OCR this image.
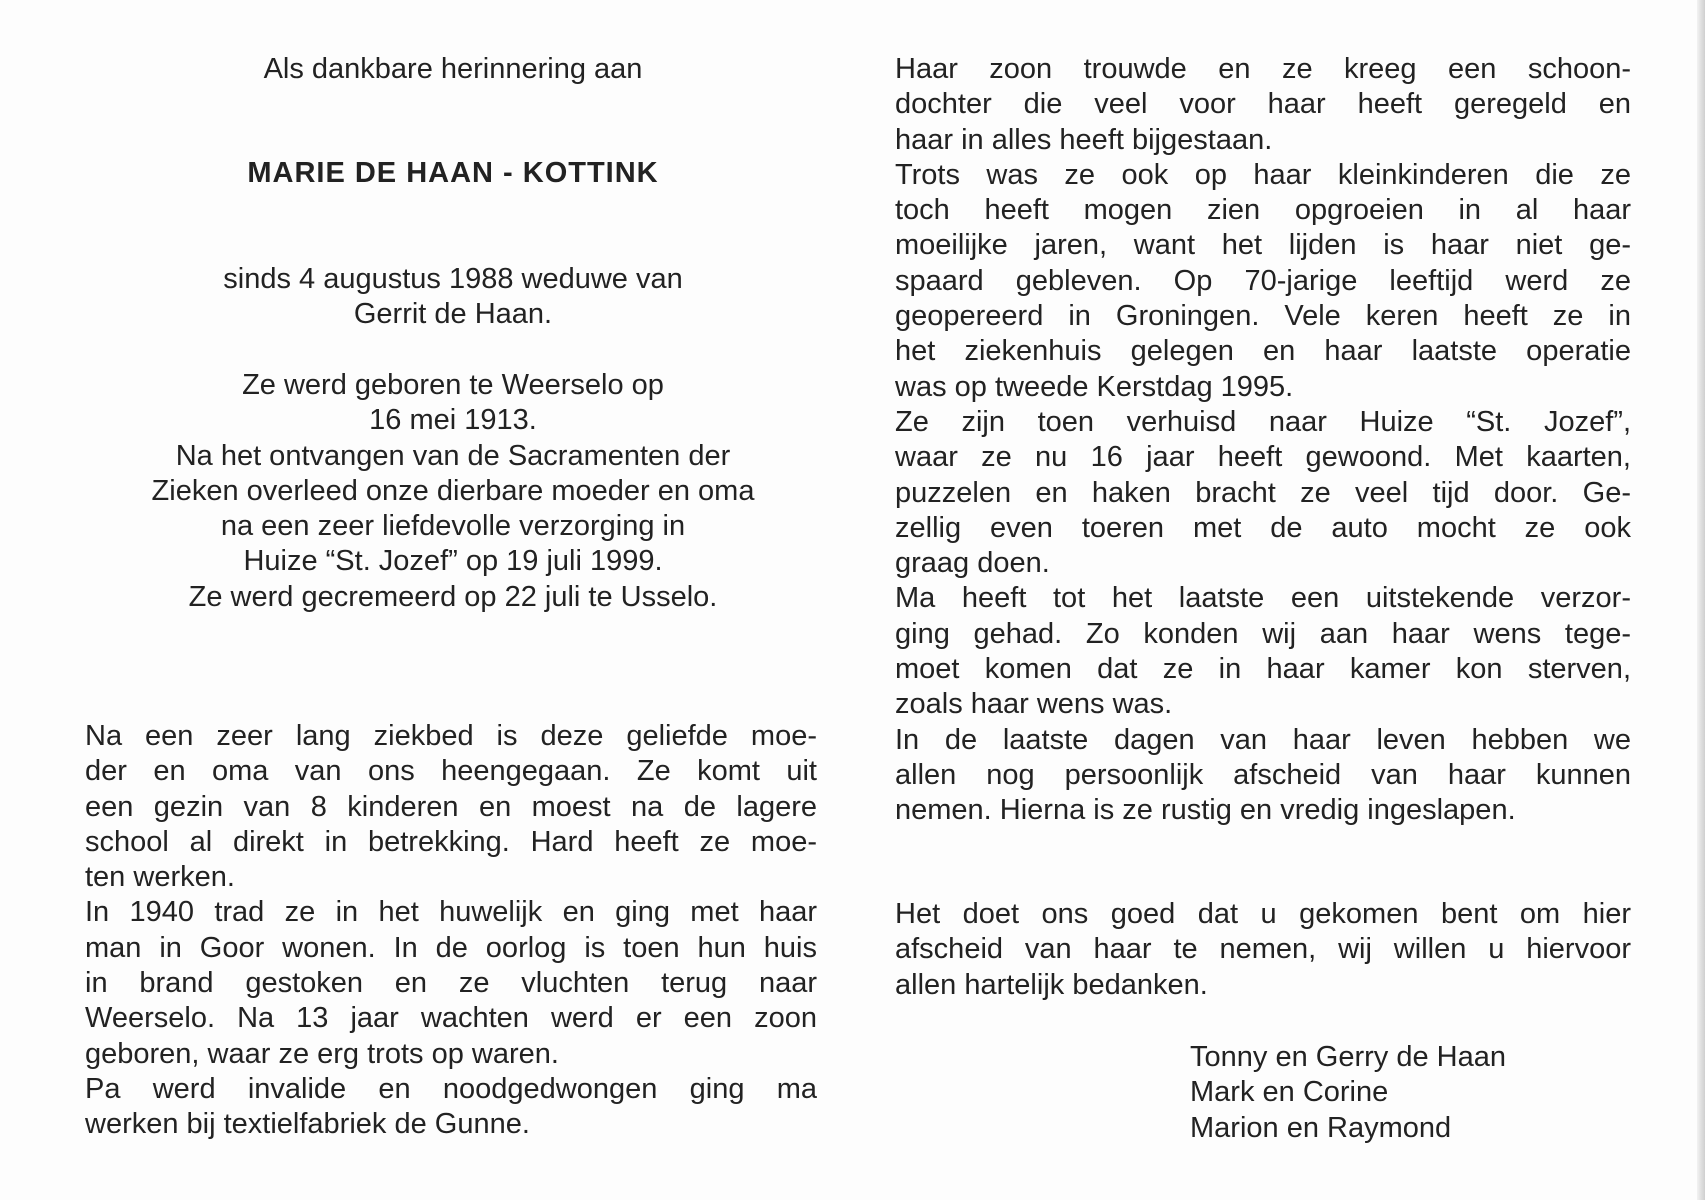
Als dankbare herinnering aan
MARIE DE HAAN - KOTTINK
sinds 4 augustus 1988 weduwe van
Gerrit de Haan.
Ze werd geboren te Weerselo op
16 mei 1913.
Na het ontvangen van de Sacramenten der
Zieken overleed onze dierbare moeder en oma
na een zeer liefdevolle verzorging in
Huize “St. Jozef” op 19 juli 1999.
Ze werd gecremeerd op 22 juli te Usselo.
Na een zeer lang ziekbed is deze geliefde moe-
der en oma van ons heengegaan. Ze komt uit
een gezin van 8 kinderen en moest na de lagere
school al direkt in betrekking. Hard heeft ze moe-
ten werken.
In 1940 trad ze in het huwelijk en ging met haar
man in Goor wonen. In de oorlog is toen hun huis
in brand gestoken en ze vluchten terug naar
Weerselo. Na 13 jaar wachten werd er een zoon
geboren, waar ze erg trots op waren.
Pa werd invalide en noodgedwongen ging ma
werken bij textielfabriek de Gunne.
Haar zoon trouwde en ze kreeg een schoon-
dochter die veel voor haar heeft geregeld en
haar in alles heeft bijgestaan.
Trots was ze ook op haar kleinkinderen die ze
toch heeft mogen zien opgroeien in al haar
moeilijke jaren, want het lijden is haar niet ge-
spaard gebleven. Op 70-jarige leeftijd werd ze
geopereerd in Groningen. Vele keren heeft ze in
het ziekenhuis gelegen en haar laatste operatie
was op tweede Kerstdag 1995.
Ze zijn toen verhuisd naar Huize “St. Jozef”,
waar ze nu 16 jaar heeft gewoond. Met kaarten,
puzzelen en haken bracht ze veel tijd door. Ge-
zellig even toeren met de auto mocht ze ook
graag doen.
Ma heeft tot het laatste een uitstekende verzor-
ging gehad. Zo konden wij aan haar wens tege-
moet komen dat ze in haar kamer kon sterven,
zoals haar wens was.
In de laatste dagen van haar leven hebben we
allen nog persoonlijk afscheid van haar kunnen
nemen. Hierna is ze rustig en vredig ingeslapen.
Het doet ons goed dat u gekomen bent om hier
afscheid van haar te nemen, wij willen u hiervoor
allen hartelijk bedanken.
Tonny en Gerry de Haan
Mark en Corine
Marion en Raymond
